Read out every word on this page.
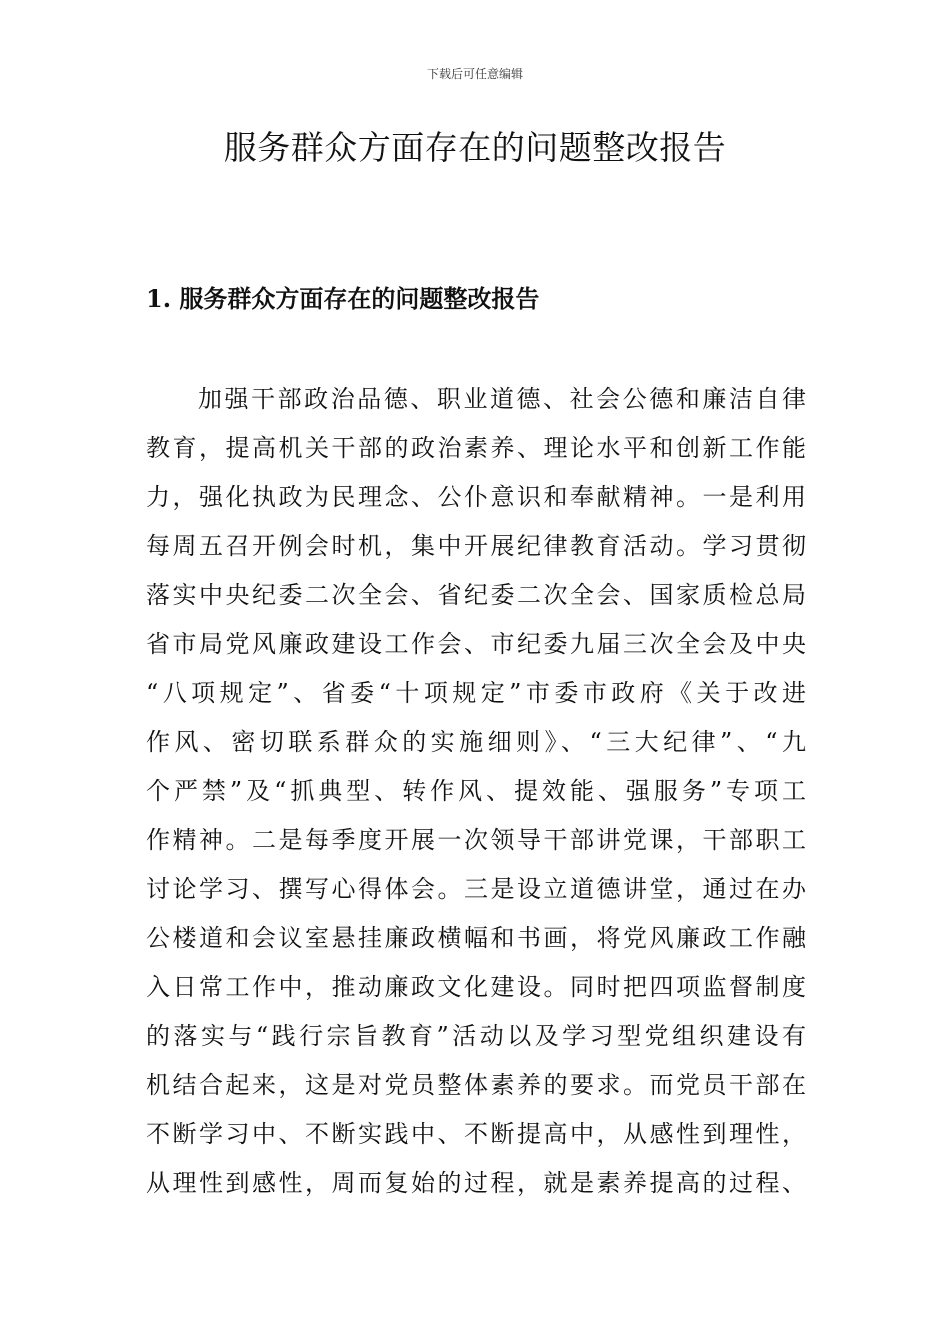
下载后可任意编辑
服务群众方面存在的问题整改报告
1. 服务群众方面存在的问题整改报告
加强干部政治品德、职业道德、社会公德和廉洁自律
教育，提高机关干部的政治素养、理论水平和创新工作能
力，强化执政为民理念、公仆意识和奉献精神。一是利用
每周五召开例会时机，集中开展纪律教育活动。学习贯彻
落实中央纪委二次全会、省纪委二次全会、国家质检总局
省市局党风廉政建设工作会、市纪委九届三次全会及中央
“八项规定”、省委“十项规定”市委市政府《关于改进
作风、密切联系群众的实施细则》、“三大纪律”、“九
个严禁”及“抓典型、转作风、提效能、强服务”专项工
作精神。二是每季度开展一次领导干部讲党课，干部职工
讨论学习、撰写心得体会。三是设立道德讲堂，通过在办
公楼道和会议室悬挂廉政横幅和书画，将党风廉政工作融
入日常工作中，推动廉政文化建设。同时把四项监督制度
的落实与“践行宗旨教育”活动以及学习型党组织建设有
机结合起来，这是对党员整体素养的要求。而党员干部在
不断学习中、不断实践中、不断提高中，从感性到理性，
从理性到感性，周而复始的过程，就是素养提高的过程、
